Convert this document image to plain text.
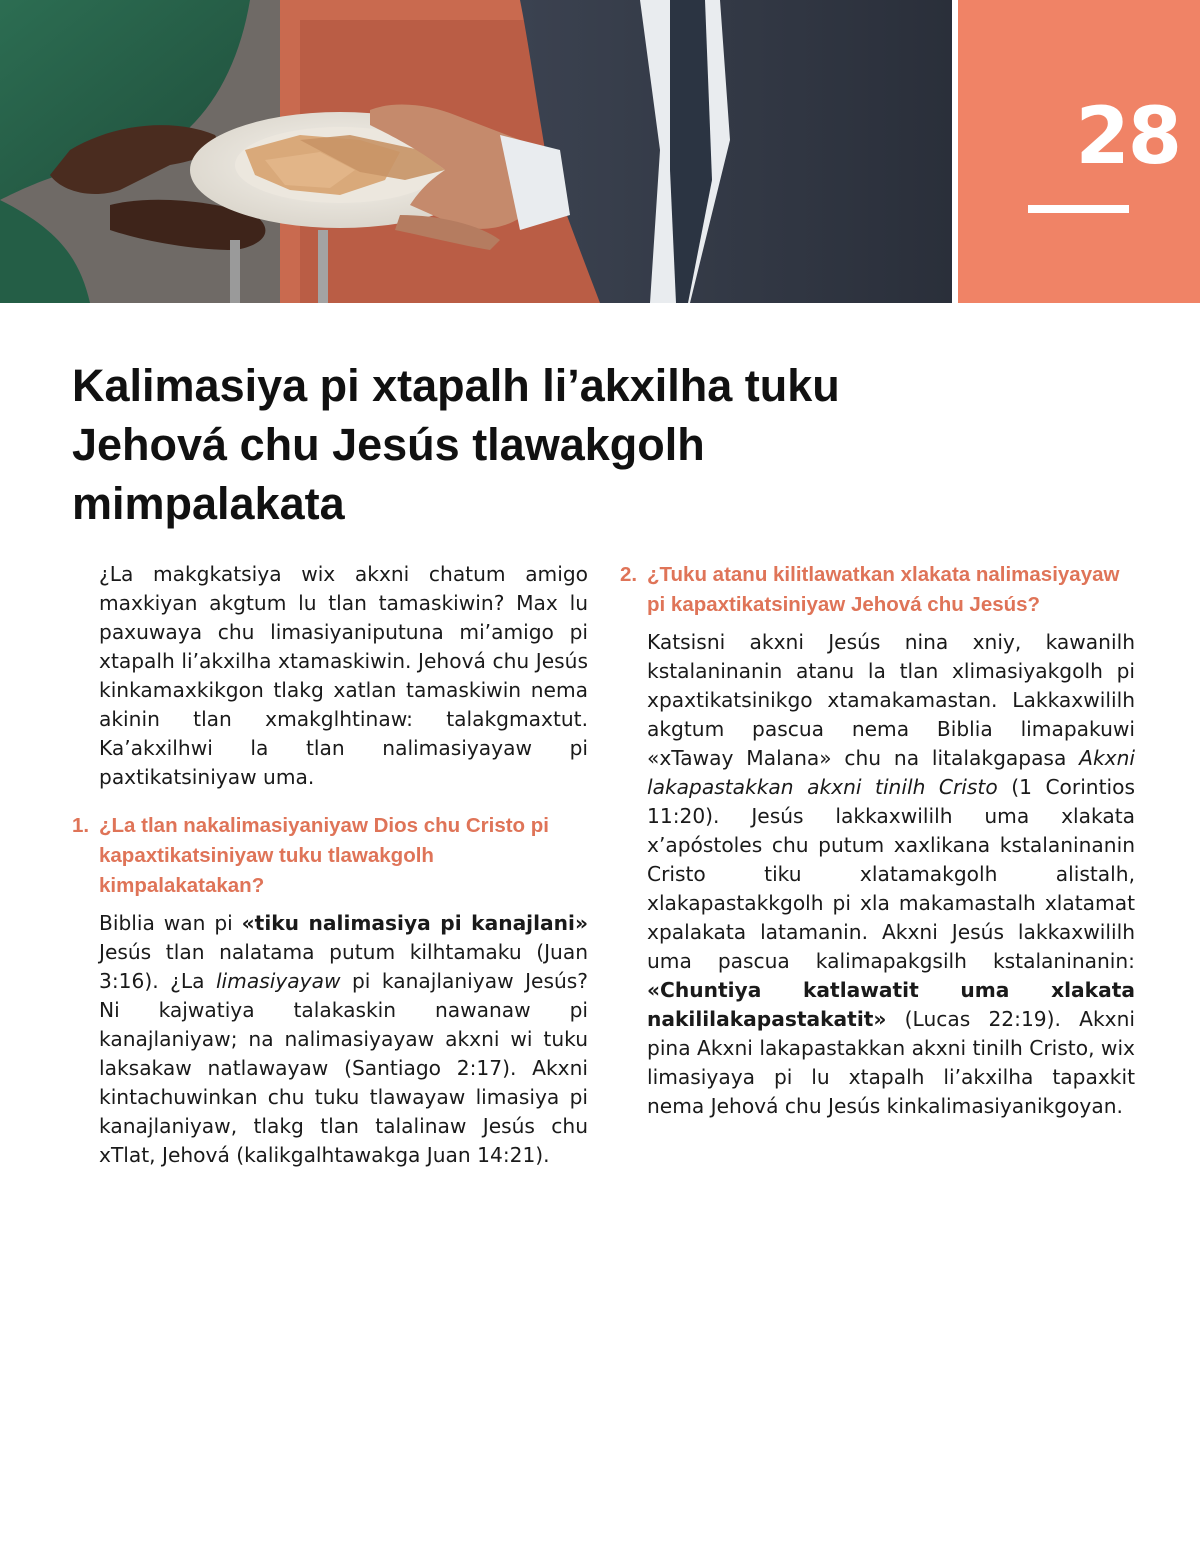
28
Kalimasiya pi xtapalh li’akxilha tuku Jehová chu Jesús tlawakgolh mimpalakata

¿La makgkatsiya wix akxni chatum amigo maxkiyan akgtum lu tlan tamaskiwin? Max lu paxuwaya chu limasiyaniputuna mi’amigo pi xtapalh li’akxilha xtamaskiwin. Jehová chu Jesús kinkamaxkikgon tlakg xatlan tamaskiwin nema akinin tlan xmakglhtinaw: talakgmaxtut. Ka’akxilhwi la tlan nalimasiyayaw pi paxtikatsiniyaw uma.

1. ¿La tlan nakalimasiyaniyaw Dios chu Cristo pi kapaxtikatsiniyaw tuku tlawakgolh kimpalakatakan?

Biblia wan pi «tiku nalimasiya pi kanajlani» Jesús tlan nalatama putum kilhtamaku (Juan 3:16). ¿La limasiyayaw pi kanajlaniyaw Jesús? Ni kajwatiya talakaskin nawanaw pi kanajlaniyaw; na nalimasiyayaw akxni wi tuku laksakaw natlawayaw (Santiago 2:17). Akxni kintachuwinkan chu tuku tlawayaw limasiya pi kanajlaniyaw, tlakg tlan talalinaw Jesús chu xTlat, Jehová (kalikgalhtawakga Juan 14:21).

2. ¿Tuku atanu kilitlawatkan xlakata nalimasiyayaw pi kapaxtikatsiniyaw Jehová chu Jesús?

Katsisni akxni Jesús nina xniy, kawanilh kstalaninanin atanu la tlan xlimasiyakgolh pi xpaxtikatsinikgo xtamakamastan. Lakkaxwililh akgtum pascua nema Biblia limapakuwi «xTaway Malana» chu na litalakgapasa Akxni lakapastakkan akxni tinilh Cristo (1 Corintios 11:20). Jesús lakkaxwililh uma xlakata x’apóstoles chu putum xaxlikana kstalaninanin Cristo tiku xlatamakgolh alistalh, xlakapastakkgolh pi xla makamastalh xlatamat xpalakata latamanin. Akxni Jesús lakkaxwililh uma pascua kalimapakgsilh kstalaninanin: «Chuntiya katlawatit uma xlakata nakililakapastakatit» (Lucas 22:19). Akxni pina Akxni lakapastakkan akxni tinilh Cristo, wix limasiyaya pi lu xtapalh li’akxilha tapaxkit nema Jehová chu Jesús kinkalimasiyanikgoyan.
